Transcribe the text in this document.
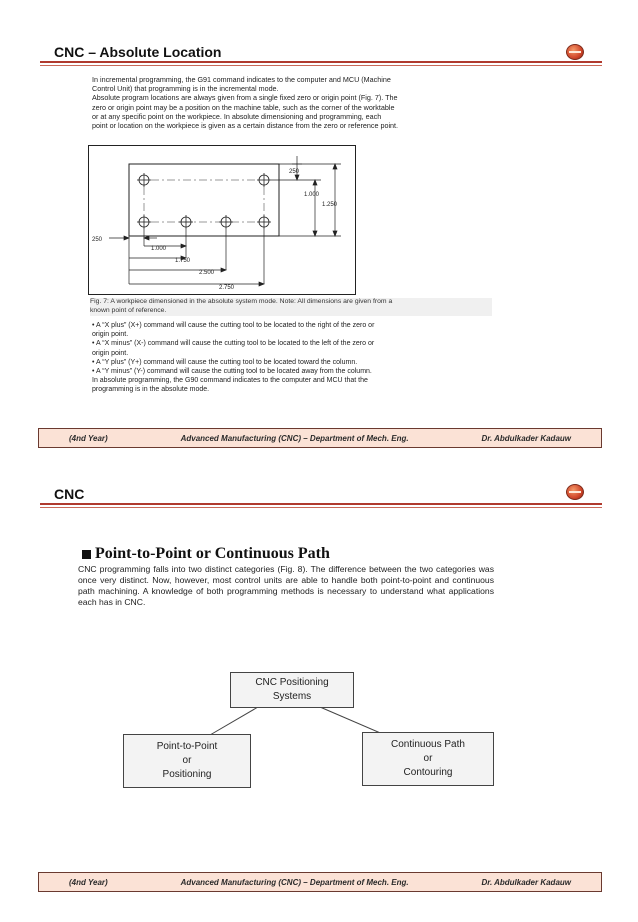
CNC – Absolute Location
In incremental programming, the G91 command indicates to the computer and MCU (Machine
Control Unit) that programming is in the incremental mode.
Absolute program locations are always given from a single fixed zero or origin point (Fig. 7). The
zero or origin point may be a position on the machine table, such as the corner of the worktable
or at any specific point on the workpiece. In absolute dimensioning and programming, each
point or location on the workpiece is given as a certain distance from the zero or reference point.
250
1.000
1.250
250
1.000
1.750
2.500
2.750
Fig. 7: A workpiece dimensioned in the absolute system mode. Note: All dimensions are given from a
known point of reference.
• A “X plus” (X+) command will cause the cutting tool to be located to the right of the zero or
origin point.
• A “X minus” (X-) command will cause the cutting tool to be located to the left of the zero or
origin point.
• A “Y plus” (Y+) command will cause the cutting tool to be located toward the column.
• A “Y minus” (Y-) command will cause the cutting tool to be located away from the column.
In absolute programming, the G90 command indicates to the computer and MCU that the
programming is in the absolute mode.
(4nd Year)	Advanced Manufacturing (CNC) – Department of Mech. Eng.	Dr. Abdulkader Kadauw
CNC
Point-to-Point or Continuous Path
CNC programming falls into two distinct categories (Fig. 8). The difference between the two categories was once very distinct. Now, however, most control units are able to handle both point-to-point and continuous path machining. A knowledge of both programming methods is necessary to understand what applications each has in CNC.
CNC Positioning
Systems
Point-to-Point
or
Positioning
Continuous Path
or
Contouring
(4nd Year)	Advanced Manufacturing (CNC) – Department of Mech. Eng.	Dr. Abdulkader Kadauw
